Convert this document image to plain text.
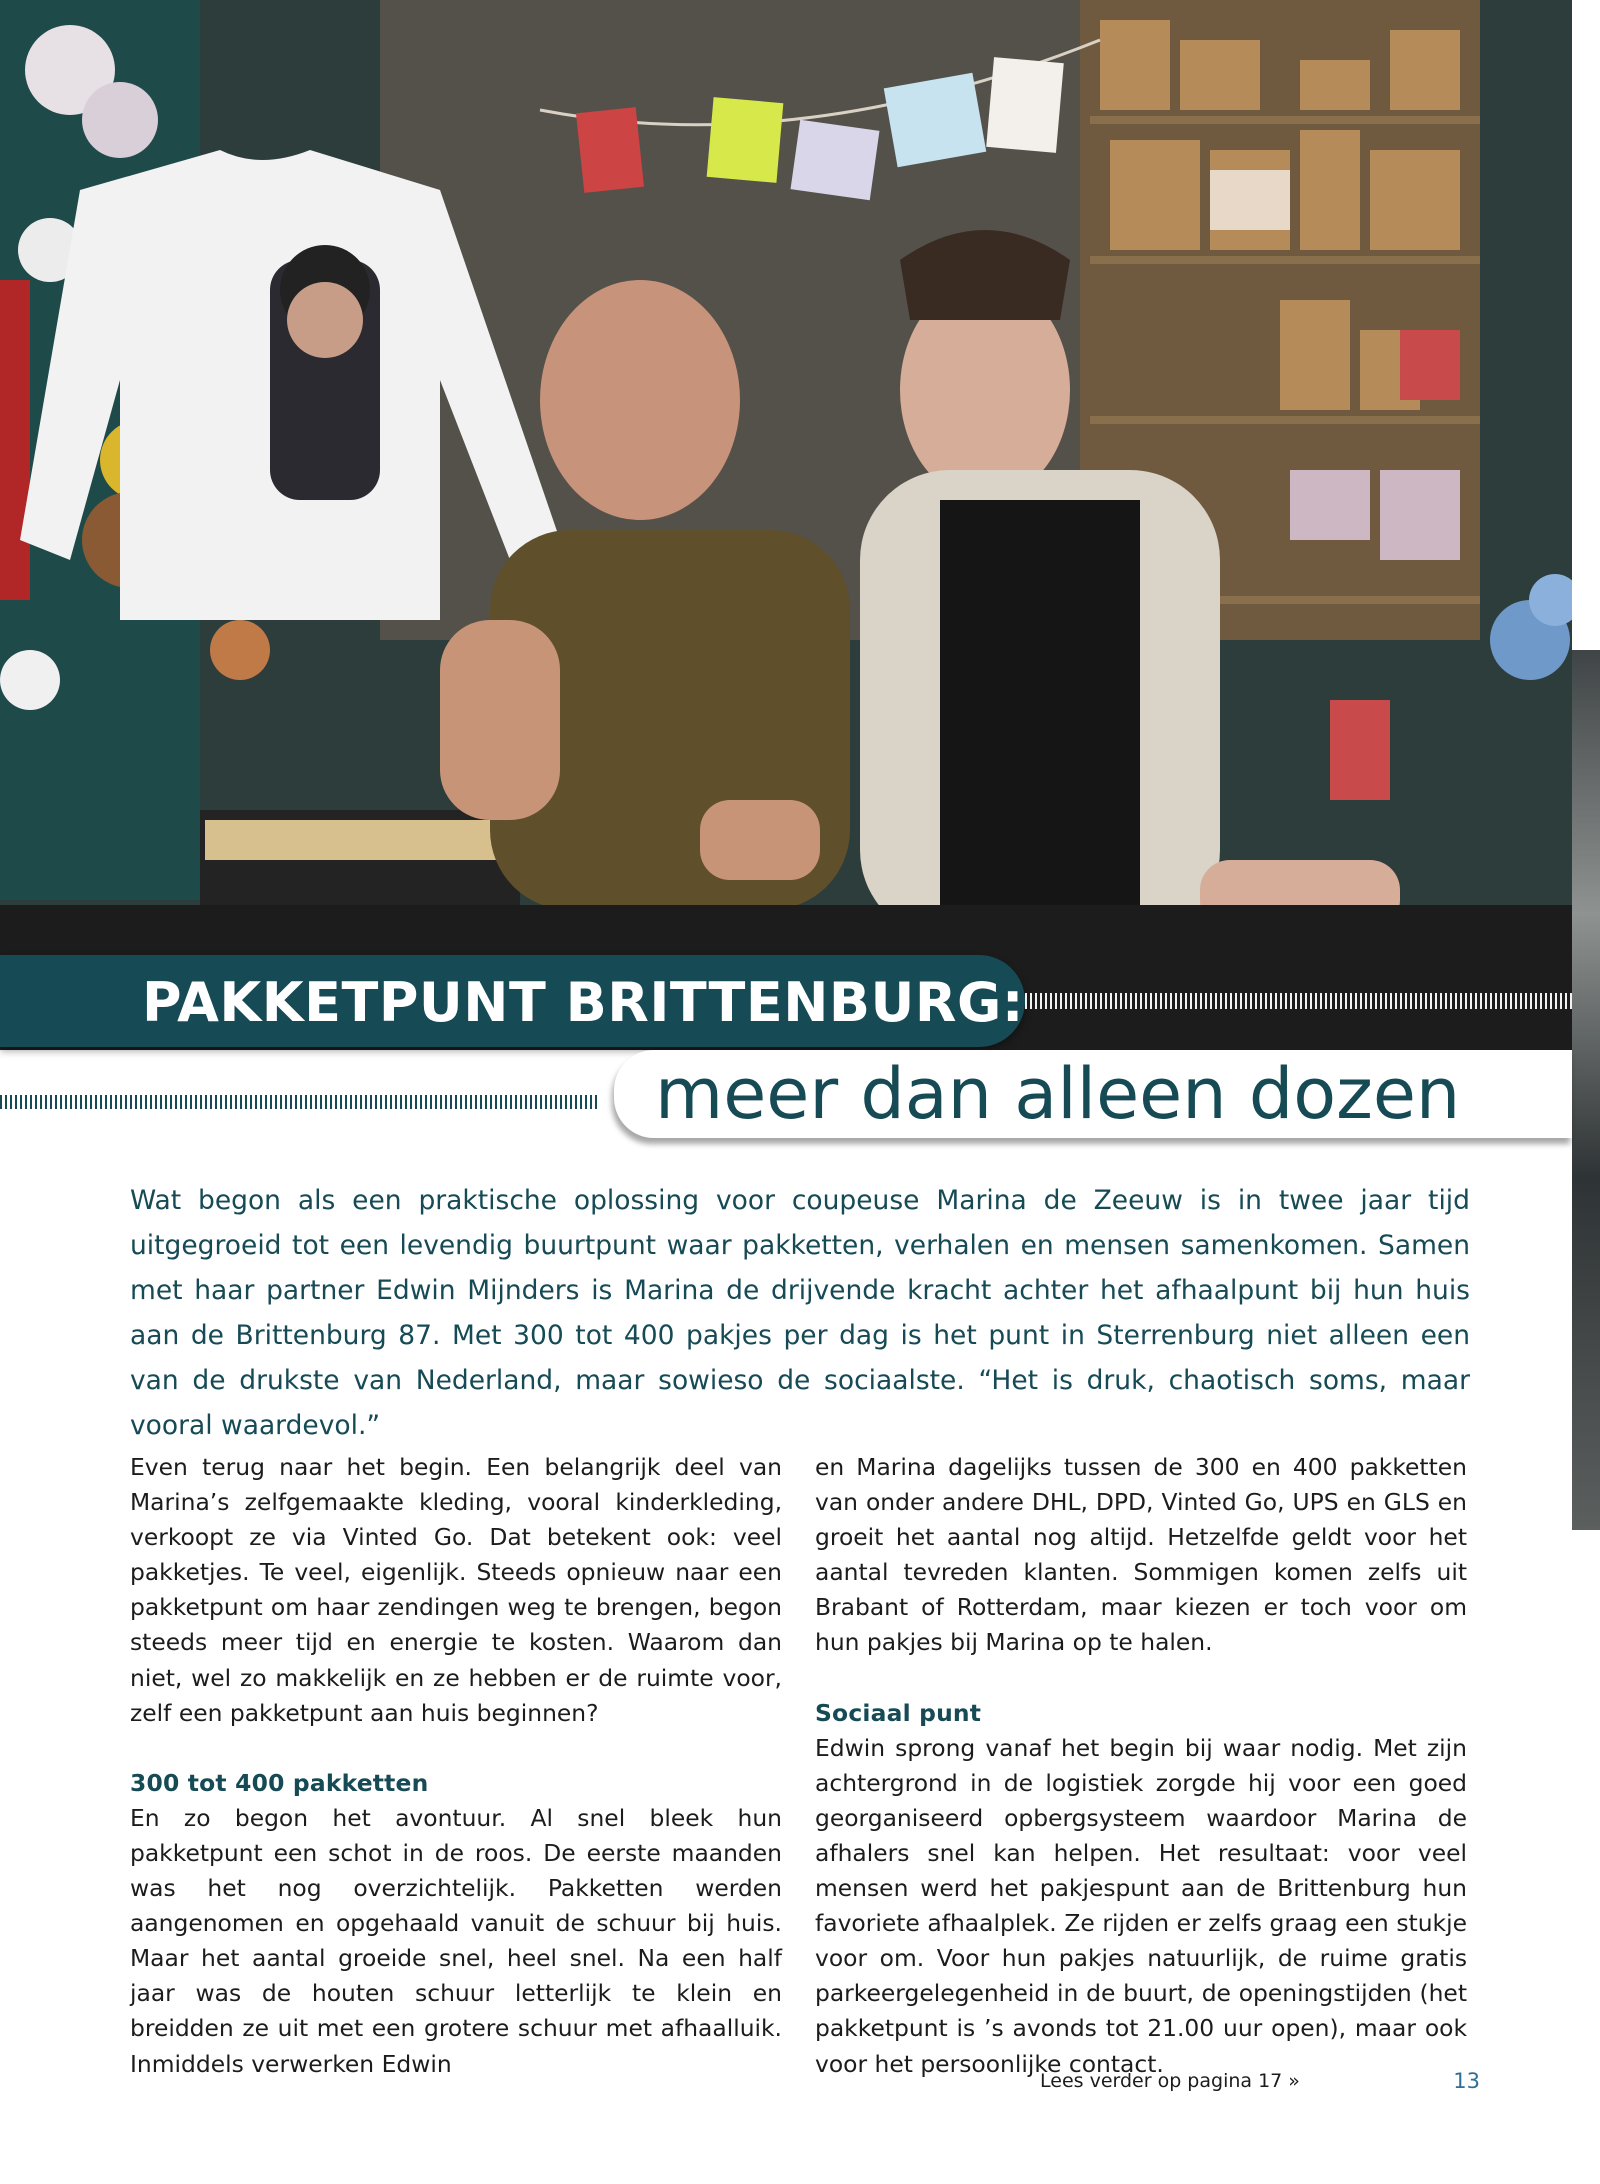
PAKKETPUNT BRITTENBURG:
meer dan alleen dozen

Wat begon als een praktische oplossing voor coupeuse Marina de Zeeuw is in twee jaar tijd uitgegroeid tot een levendig buurtpunt waar pakketten, verhalen en mensen samenkomen. Samen met haar partner Edwin Mijnders is Marina de drijvende kracht achter het afhaalpunt bij hun huis aan de Brittenburg 87. Met 300 tot 400 pakjes per dag is het punt in Sterrenburg niet alleen een van de drukste van Nederland, maar sowieso de sociaalste. “Het is druk, chaotisch soms, maar vooral waardevol.”

Even terug naar het begin. Een belangrijk deel van Marina’s zelfgemaakte kleding, vooral kinderkleding, verkoopt ze via Vinted Go. Dat betekent ook: veel pakketjes. Te veel, eigenlijk. Steeds opnieuw naar een pakketpunt om haar zendingen weg te brengen, begon steeds meer tijd en energie te kosten. Waarom dan niet, wel zo makkelijk en ze hebben er de ruimte voor, zelf een pakketpunt aan huis beginnen?

300 tot 400 pakketten

En zo begon het avontuur. Al snel bleek hun pakketpunt een schot in de roos. De eerste maanden was het nog overzichtelijk. Pakketten werden aangenomen en opgehaald vanuit de schuur bij huis. Maar het aantal groeide snel, heel snel. Na een half jaar was de houten schuur letterlijk te klein en breidden ze uit met een grotere schuur met afhaalluik. Inmiddels verwerken Edwin

en Marina dagelijks tussen de 300 en 400 pakketten van onder andere DHL, DPD, Vinted Go, UPS en GLS en groeit het aantal nog altijd. Hetzelfde geldt voor het aantal tevreden klanten. Sommigen komen zelfs uit Brabant of Rotterdam, maar kiezen er toch voor om hun pakjes bij Marina op te halen.

Sociaal punt

Edwin sprong vanaf het begin bij waar nodig. Met zijn achtergrond in de logistiek zorgde hij voor een goed georganiseerd opbergsysteem waardoor Marina de afhalers snel kan helpen. Het resultaat: voor veel mensen werd het pakjespunt aan de Brittenburg hun favoriete afhaalplek. Ze rijden er zelfs graag een stukje voor om. Voor hun pakjes natuurlijk, de ruime gratis parkeergelegenheid in de buurt, de openingstijden (het pakketpunt is ’s avonds tot 21.00 uur open), maar ook voor het persoonlijke contact.

Lees verder op pagina 17 »	13
